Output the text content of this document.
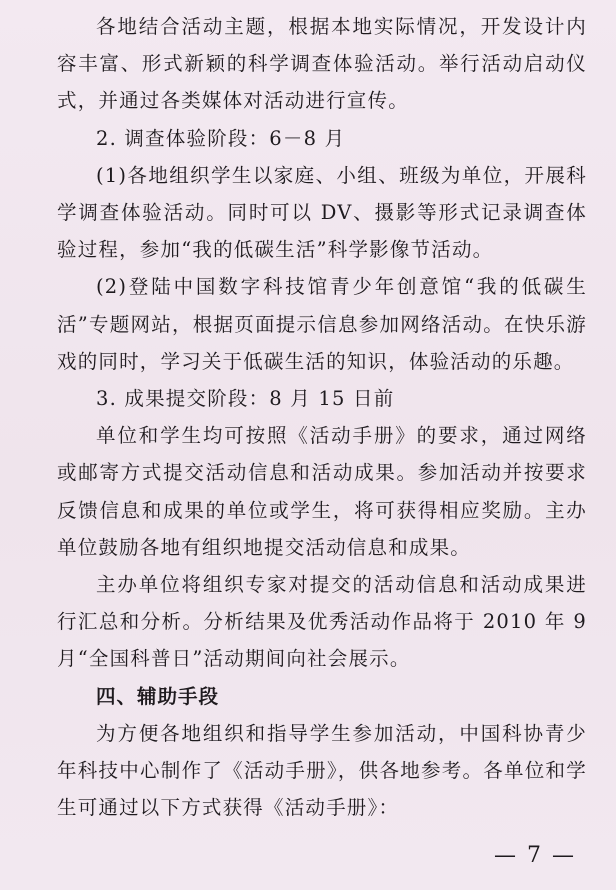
各地结合活动主题，根据本地实际情况，开发设计内容丰富、形式新颖的科学调查体验活动。举行活动启动仪式，并通过各类媒体对活动进行宣传。

2. 调查体验阶段：6－8 月

(1)各地组织学生以家庭、小组、班级为单位，开展科学调查体验活动。同时可以 DV、摄影等形式记录调查体验过程，参加“我的低碳生活”科学影像节活动。

(2)登陆中国数字科技馆青少年创意馆“我的低碳生活”专题网站，根据页面提示信息参加网络活动。在快乐游戏的同时，学习关于低碳生活的知识，体验活动的乐趣。

3. 成果提交阶段：8 月 15 日前

单位和学生均可按照《活动手册》的要求，通过网络或邮寄方式提交活动信息和活动成果。参加活动并按要求反馈信息和成果的单位或学生，将可获得相应奖励。主办单位鼓励各地有组织地提交活动信息和成果。

主办单位将组织专家对提交的活动信息和活动成果进行汇总和分析。分析结果及优秀活动作品将于 2010 年 9 月“全国科普日”活动期间向社会展示。

四、辅助手段

为方便各地组织和指导学生参加活动，中国科协青少年科技中心制作了《活动手册》，供各地参考。各单位和学生可通过以下方式获得《活动手册》：

— 7 —
